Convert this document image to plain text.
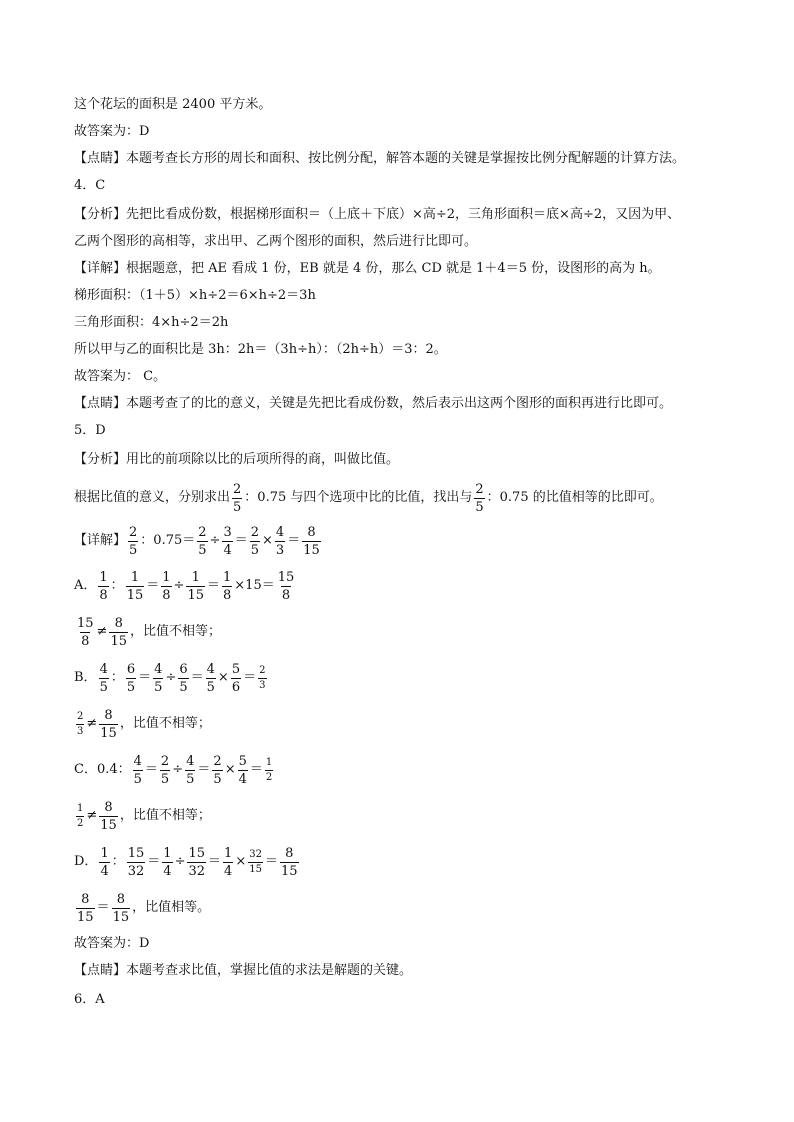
这个花坛的面积是 2400 平方米。
故答案为：D
【点睛】本题考查长方形的周长和面积、按比例分配，解答本题的关键是掌握按比例分配解题的计算方法。
4．C
【分析】先把比看成份数，根据梯形面积＝（上底＋下底）×高÷2，三角形面积＝底×高÷2，又因为甲、
乙两个图形的高相等，求出甲、乙两个图形的面积，然后进行比即可。
【详解】根据题意，把 AE 看成 1 份，EB 就是 4 份，那么 CD 就是 1＋4＝5 份，设图形的高为 h。
梯形面积：（1＋5）×h÷2＝6×h÷2＝3h
三角形面积：4×h÷2＝2h
所以甲与乙的面积比是 3h：2h＝（3h÷h）：（2h÷h）＝3：2。
故答案为： C。
【点睛】本题考查了的比的意义，关键是先把比看成份数，然后表示出这两个图形的面积再进行比即可。
5．D
【分析】用比的前项除以比的后项所得的商，叫做比值。
根据比值的意义，分别求出 $\frac{2}{5}$ ：0.75 与四个选项中比的比值，找出与 $\frac{2}{5}$ ：0.75 的比值相等的比即可。
【详解】 $\frac{2}{5}$ ：$0.75= \frac{2}{5} \div \frac{3}{4} = \frac{2}{5} \times \frac{4}{3} = \frac{8}{15}$
A． $\frac{1}{8}$ ： $\frac{1}{15} = \frac{1}{8} \div \frac{1}{15} = \frac{1}{8} \times 15= \frac{15}{8}$
$\frac{15}{8} \ne \frac{8}{15}$ ，比值不相等；
B． $\frac{4}{5}$ ： $\frac{6}{5} = \frac{4}{5} \div \frac{6}{5} = \frac{4}{5} \times \frac{5}{6} = \frac{2}{3}$
$\frac{2}{3} \ne \frac{8}{15}$ ，比值不相等；
C．0.4： $\frac{4}{5} = \frac{2}{5} \div \frac{4}{5} = \frac{2}{5} \times \frac{5}{4} = \frac{1}{2}$
$\frac{1}{2} \ne \frac{8}{15}$ ，比值不相等；
D． $\frac{1}{4}$ ： $\frac{15}{32} = \frac{1}{4} \div \frac{15}{32} = \frac{1}{4} \times \frac{32}{15} = \frac{8}{15}$
$\frac{8}{15} = \frac{8}{15}$ ，比值相等。
故答案为：D
【点睛】本题考查求比值，掌握比值的求法是解题的关键。
6．A
